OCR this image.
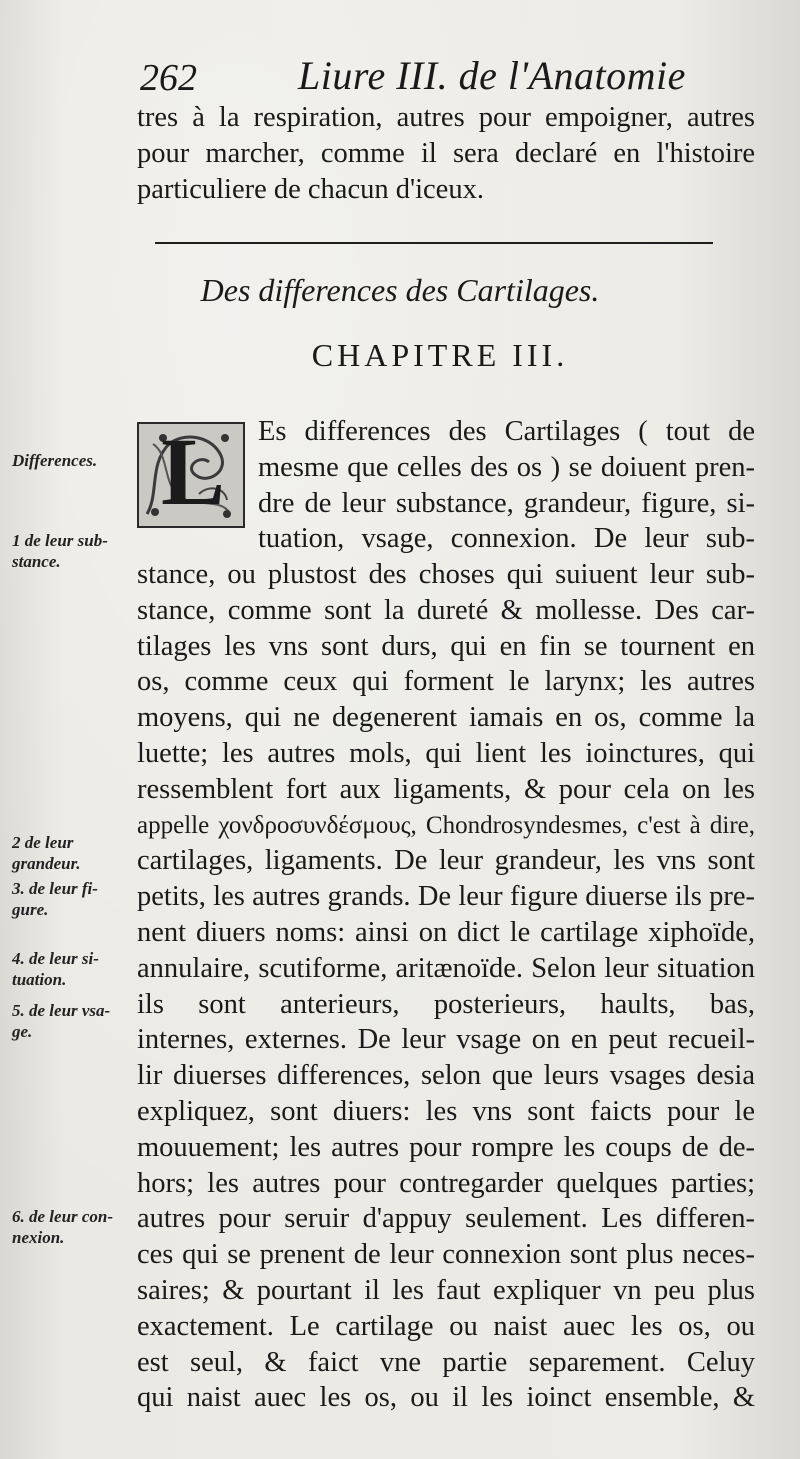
262	Liure III. de l'Anatomie
tres à la respiration, autres pour empoigner, autres
pour marcher, comme il sera declaré en l'histoire
particuliere de chacun d'iceux.
Des differences des Cartilages.
CHAPITRE III.
L Es differences des Cartilages ( tout de
mesme que celles des os ) se doiuent pren-
dre de leur substance, grandeur, figure, si-
tuation, vsage, connexion. De leur sub-
stance, ou plustost des choses qui suiuent leur sub-
stance, comme sont la dureté & mollesse. Des car-
tilages les vns sont durs, qui en fin se tournent en
os, comme ceux qui forment le larynx; les autres
moyens, qui ne degenerent iamais en os, comme la
luette; les autres mols, qui lient les ioinctures, qui
ressemblent fort aux ligaments, & pour cela on les
appelle χονδροσυνδέσμους, Chondrosyndesmes, c'est à dire,
cartilages, ligaments. De leur grandeur, les vns sont
petits, les autres grands. De leur figure diuerse ils pre-
nent diuers noms: ainsi on dict le cartilage xiphoïde,
annulaire, scutiforme, aritænoïde. Selon leur situation
ils sont anterieurs, posterieurs, haults, bas,
internes, externes. De leur vsage on en peut recueil-
lir diuerses differences, selon que leurs vsages desia
expliquez, sont diuers: les vns sont faicts pour le
mouuement; les autres pour rompre les coups de de-
hors; les autres pour contregarder quelques parties;
autres pour seruir d'appuy seulement. Les differen-
ces qui se prenent de leur connexion sont plus neces-
saires; & pourtant il les faut expliquer vn peu plus
exactement. Le cartilage ou naist auec les os, ou
est seul, & faict vne partie separement. Celuy
qui naist auec les os, ou il les ioinct ensemble, &
Differences.
1 de leur sub-
stance.
2 de leur
grandeur.
3. de leur fi-
gure.
4. de leur si-
tuation.
5. de leur vsa-
ge.
6. de leur con-
nexion.
